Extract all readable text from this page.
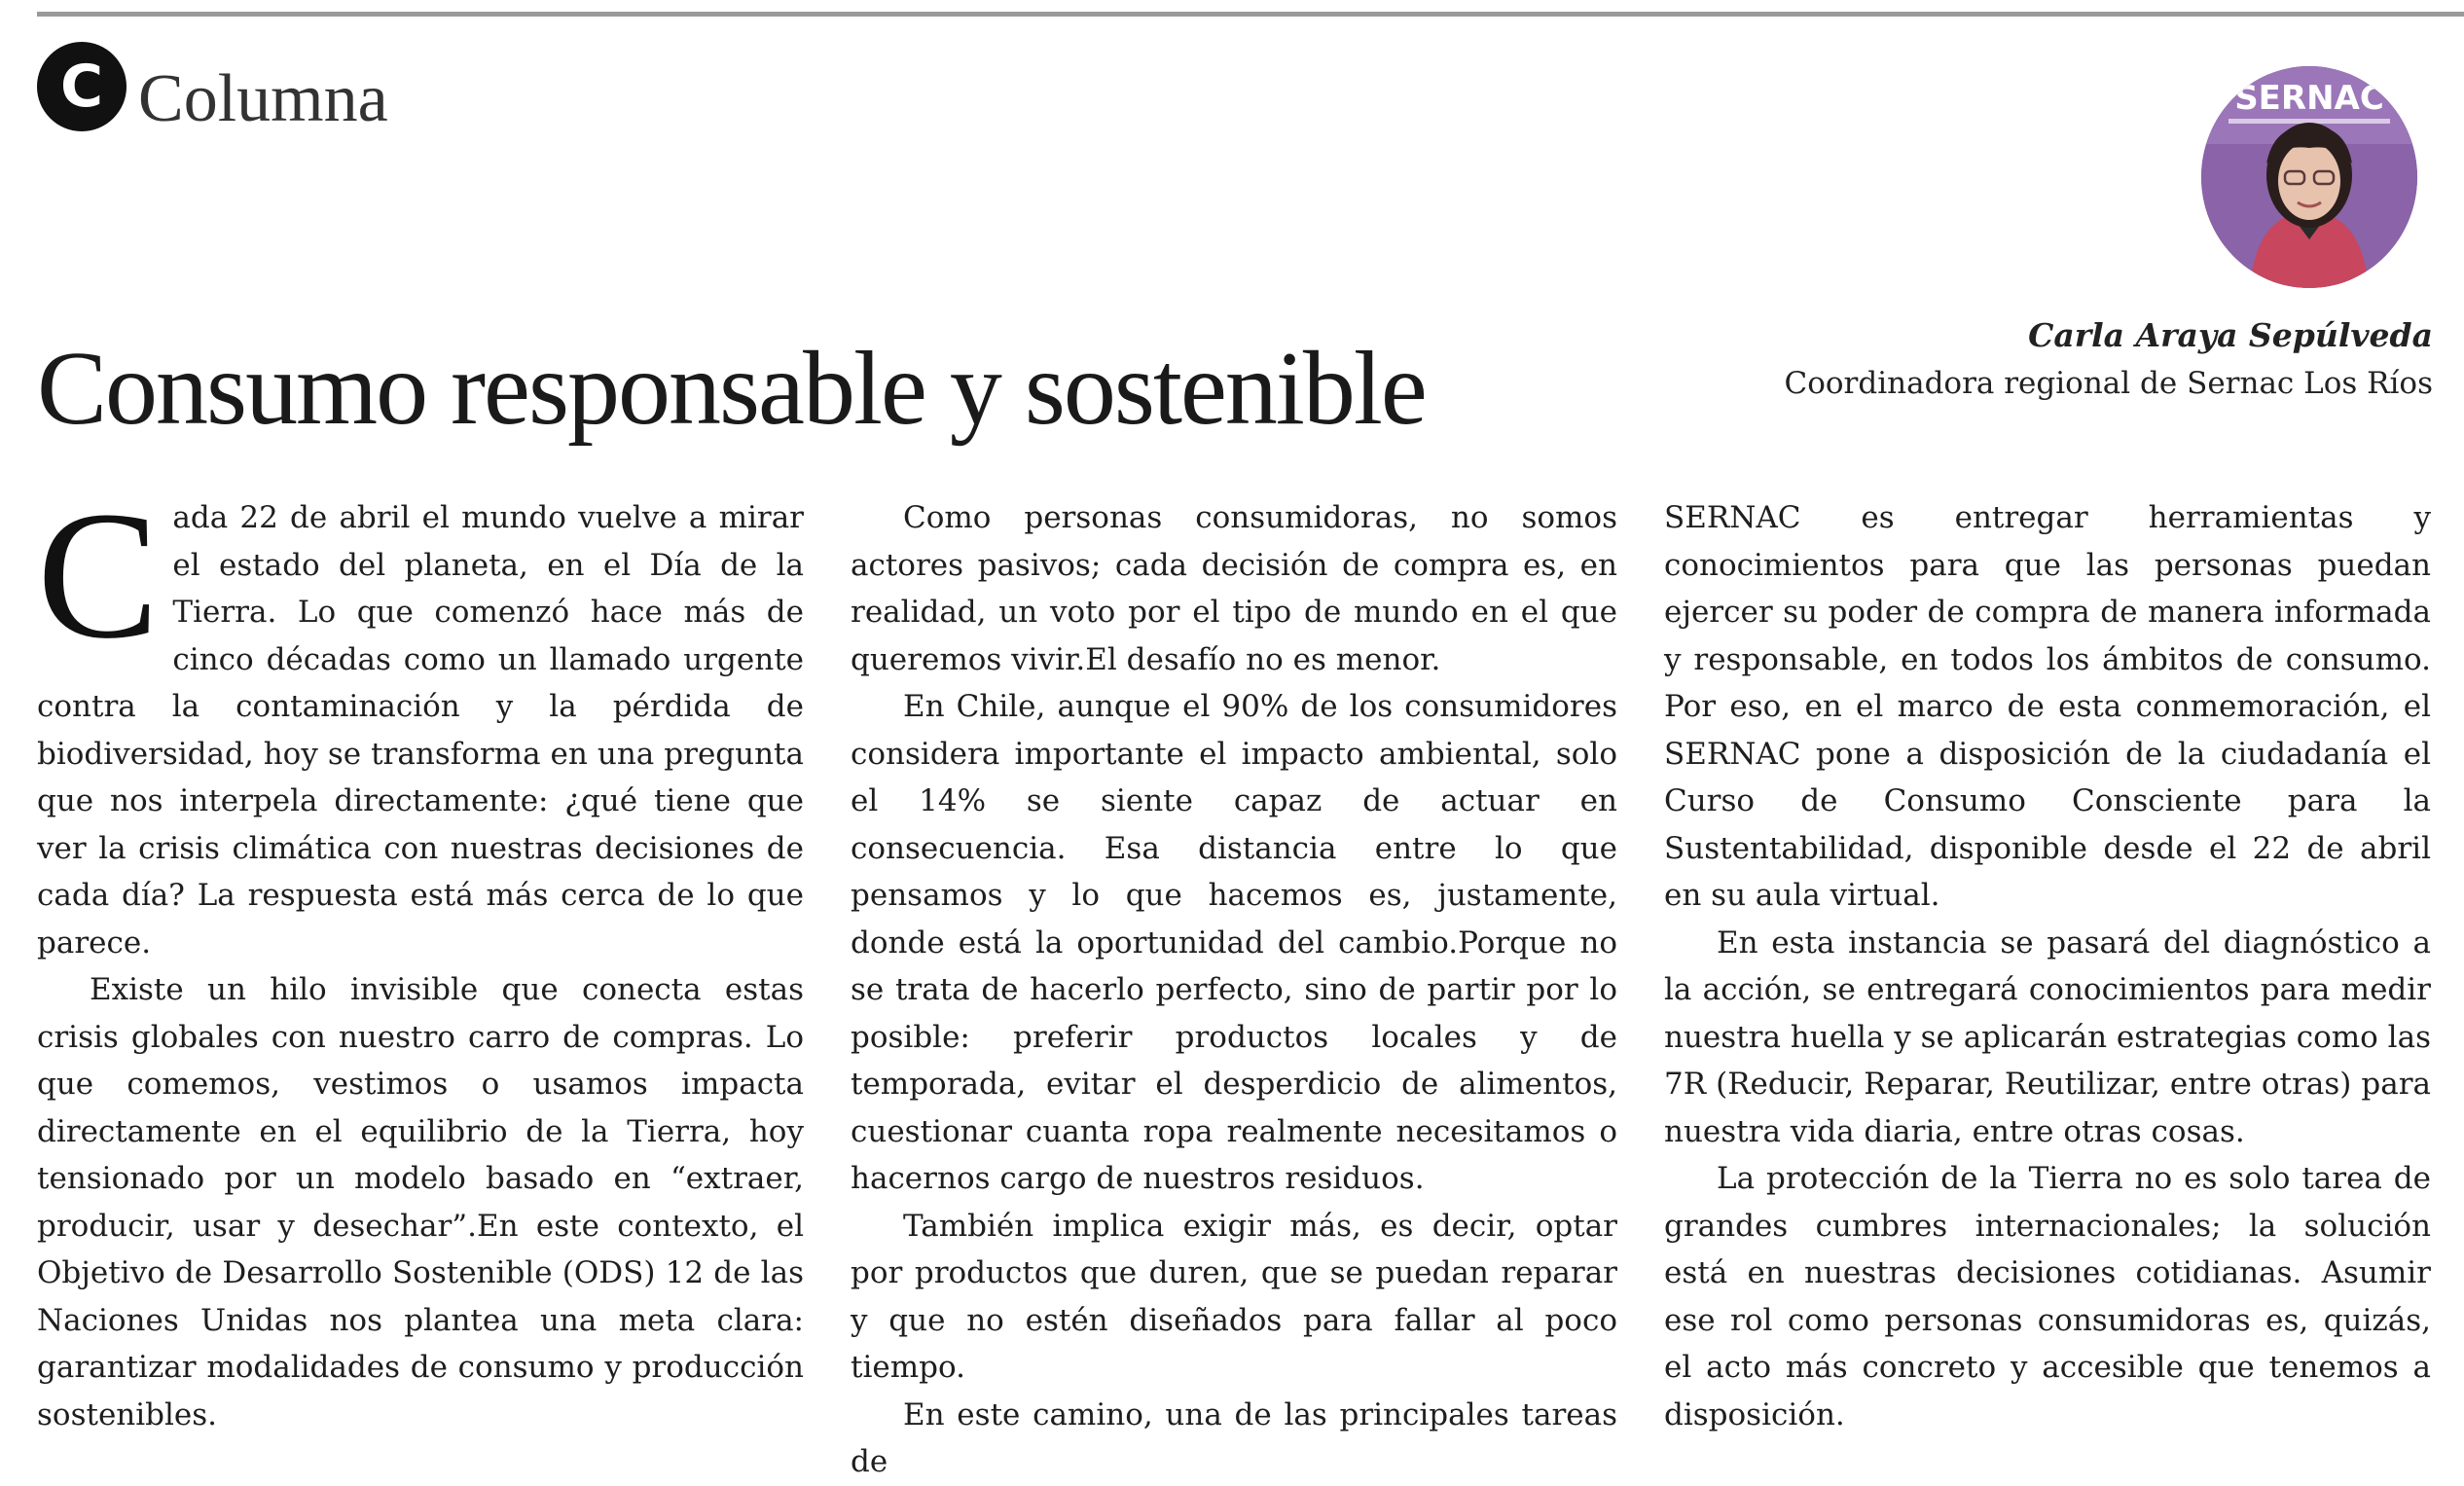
C Columna
Consumo responsable y sostenible
SERNAC
Carla Araya Sepúlveda
Coordinadora regional de Sernac Los Ríos

Cada 22 de abril el mundo vuelve a mirar el estado del planeta, en el Día de la Tierra. Lo que comenzó hace más de cinco décadas como un llamado urgente contra la contaminación y la pérdida de biodiversidad, hoy se transforma en una pregunta que nos interpela directamente: ¿qué tiene que ver la crisis climática con nuestras decisiones de cada día? La respuesta está más cerca de lo que parece.

Existe un hilo invisible que conecta estas crisis globales con nuestro carro de compras. Lo que comemos, vestimos o usamos impacta directamente en el equilibrio de la Tierra, hoy tensionado por un modelo basado en “extraer, producir, usar y desechar”.En este contexto, el Objetivo de Desarrollo Sostenible (ODS) 12 de las Naciones Unidas nos plantea una meta clara: garantizar modalidades de consumo y producción sostenibles.

Como personas consumidoras, no somos actores pasivos; cada decisión de compra es, en realidad, un voto por el tipo de mundo en el que queremos vivir.El desafío no es menor.

En Chile, aunque el 90% de los consumidores considera importante el impacto ambiental, solo el 14% se siente capaz de actuar en consecuencia. Esa distancia entre lo que pensamos y lo que hacemos es, justamente, donde está la oportunidad del cambio.Porque no se trata de hacerlo perfecto, sino de partir por lo posible: preferir productos locales y de temporada, evitar el desperdicio de alimentos, cuestionar cuanta ropa realmente necesitamos o hacernos cargo de nuestros residuos.

También implica exigir más, es decir, optar por productos que duren, que se puedan reparar y que no estén diseñados para fallar al poco tiempo.

En este camino, una de las principales tareas de

SERNAC es entregar herramientas y conocimientos para que las personas puedan ejercer su poder de compra de manera informada y responsable, en todos los ámbitos de consumo. Por eso, en el marco de esta conmemoración, el SERNAC pone a disposición de la ciudadanía el Curso de Consumo Consciente para la Sustentabilidad, disponible desde el 22 de abril en su aula virtual.

En esta instancia se pasará del diagnóstico a la acción, se entregará conocimientos para medir nuestra huella y se aplicarán estrategias como las 7R (Reducir, Reparar, Reutilizar, entre otras) para nuestra vida diaria, entre otras cosas.

La protección de la Tierra no es solo tarea de grandes cumbres internacionales; la solución está en nuestras decisiones cotidianas. Asumir ese rol como personas consumidoras es, quizás, el acto más concreto y accesible que tenemos a disposición.
